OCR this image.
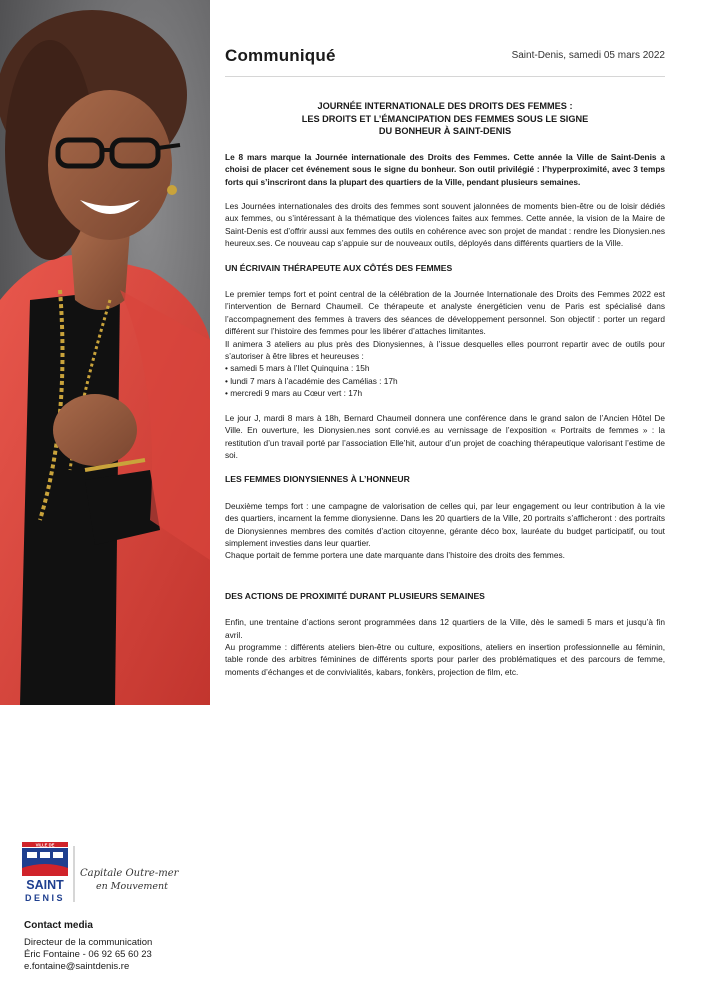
Communiqué	Saint-Denis, samedi 05 mars 2022
JOURNÉE INTERNATIONALE DES DROITS DES FEMMES :
LES DROITS ET L’ÉMANCIPATION DES FEMMES SOUS LE SIGNE
DU BONHEUR À SAINT-DENIS

Le 8 mars marque la Journée internationale des Droits des Femmes. Cette année la Ville de Saint-Denis a choisi de placer cet événement sous le signe du bonheur. Son outil privilégié : l’hyperproximité, avec 3 temps forts qui s’inscriront dans la plupart des quartiers de la Ville, pendant plusieurs semaines.

Les Journées internationales des droits des femmes sont souvent jalonnées de moments bien-être ou de loisir dédiés aux femmes, ou s’intéressant à la thématique des violences faites aux femmes. Cette année, la vision de la Maire de Saint-Denis est d’offrir aussi aux femmes des outils en cohérence avec son projet de mandat : rendre les Dionysien.nes heureux.ses. Ce nouveau cap s’appuie sur de nouveaux outils, déployés dans différents quartiers de la Ville.

UN ÉCRIVAIN THÉRAPEUTE AUX CÔTÉS DES FEMMES

Le premier temps fort et point central de la célébration de la Journée Internationale des Droits des Femmes 2022 est l’intervention de Bernard Chaumeil. Ce thérapeute et analyste énergéticien venu de Paris est spécialisé dans l’accompagnement des femmes à travers des séances de développement personnel. Son objectif : porter un regard différent sur l’histoire des femmes pour les libérer d’attaches limitantes.

Il animera 3 ateliers au plus près des Dionysiennes, à l’issue desquelles elles pourront repartir avec de outils pour s’autoriser à être libres et heureuses :

• samedi 5 mars à l’Ilet Quinquina : 15h
• lundi 7 mars à l’académie des Camélias : 17h
• mercredi 9 mars au Cœur vert : 17h

Le jour J, mardi 8 mars à 18h, Bernard Chaumeil donnera une conférence dans le grand salon de l’Ancien Hôtel De Ville. En ouverture, les Dionysien.nes sont convié.es au vernissage de l’exposition « Portraits de femmes » : la restitution d’un travail porté par l’association Elle’hit, autour d’un projet de coaching thérapeutique valorisant l’estime de soi.

LES FEMMES DIONYSIENNES À L’HONNEUR

Deuxième temps fort : une campagne de valorisation de celles qui, par leur engagement ou leur contribution à la vie des quartiers, incarnent la femme dionysienne. Dans les 20 quartiers de la Ville, 20 portraits s’afficheront : des portraits de Dionysiennes membres des comités d’action citoyenne, gérante déco box, lauréate du budget participatif, ou tout simplement investies dans leur quartier.

Chaque portait de femme portera une date marquante dans l’histoire des droits des femmes.

DES ACTIONS DE PROXIMITÉ DURANT PLUSIEURS SEMAINES

Enfin, une trentaine d’actions seront programmées dans 12 quartiers de la Ville, dès le samedi 5 mars et jusqu’à fin avril.

Au programme : différents ateliers bien-être ou culture, expositions, ateliers en insertion professionnelle au féminin, table ronde des arbitres féminines de différents sports pour parler des problématiques et des parcours de femme, moments d’échanges et de convivialités, kabars, fonkèrs, projection de film, etc.

VILLE DE
SAINT
DENIS
Capitale Outre-mer
en Mouvement
Contact media
Directeur de la communication
Éric Fontaine - 06 92 65 60 23
e.fontaine@saintdenis.re
